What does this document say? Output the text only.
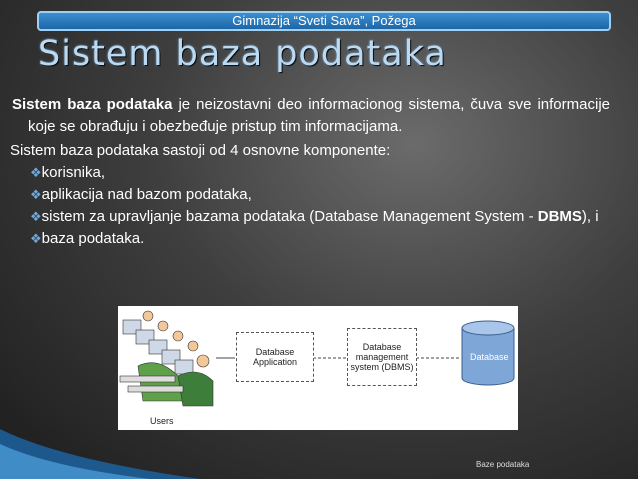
Gimnazija “Sveti Sava”, Požega
Sistem baza podataka

Sistem baza podataka je neizostavni deo informacionog sistema, čuva sve informacije koje se obrađuju i obezbeđuje pristup tim informacijama.

Sistem baza podataka sastoji od 4 osnovne komponente:

❖korisnika,

❖aplikacija nad bazom podataka,

❖sistem za upravljanje bazama podataka (Database Management System - DBMS), i

❖baza podataka.

Users
Database Application
Database management system (DBMS)
Database
Baze podataka
